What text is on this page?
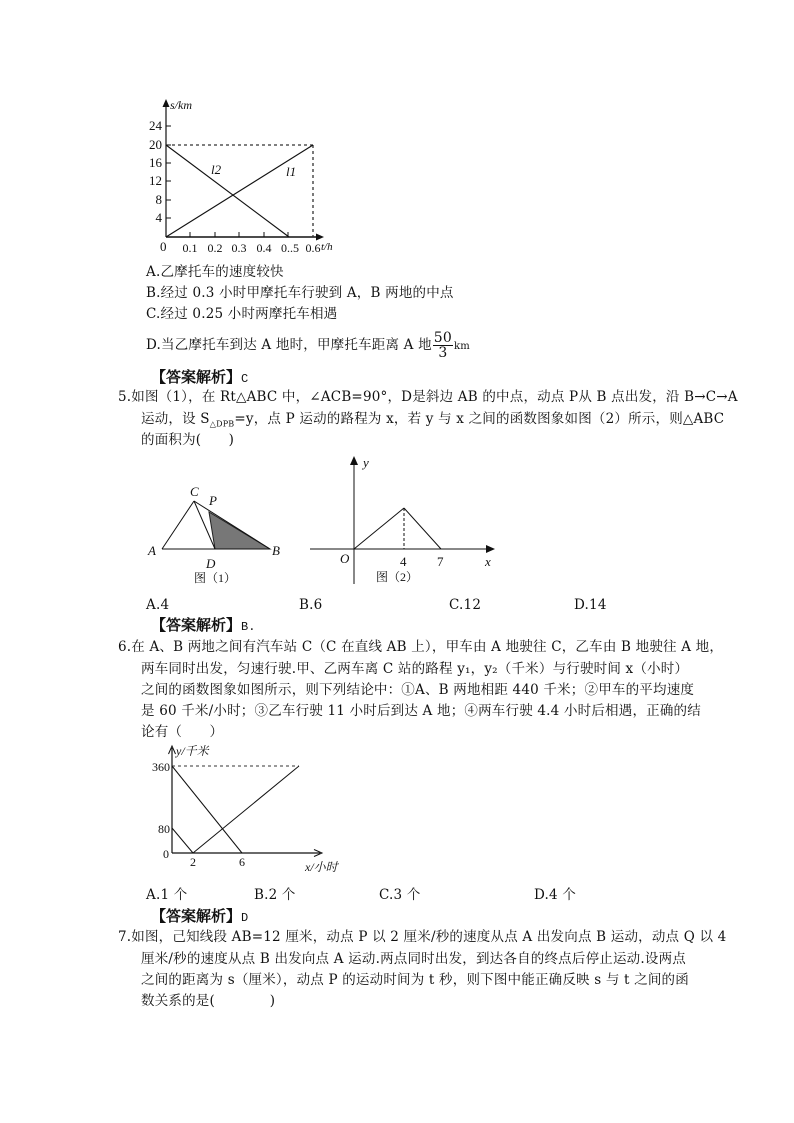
s/km
24
20
16
12
8
4
0 0.1 0.2 0.3 0.4 0..5 0.6 t/h
l2	l1
A.乙摩托车的速度较快
B.经过 0.3 小时甲摩托车行驶到 A，B 两地的中点
C.经过 0.25 小时两摩托车相遇
D.当乙摩托车到达 A 地时，甲摩托车距离 A 地 $\frac{50}{3}$ km
【答案解析】C
5.如图（1），在 Rt△ABC 中，∠ACB=90°，D是斜边 AB 的中点，动点 P从 B 点出发，沿 B→C→A
运动，设 $S_{\triangle DPB}=y$，点 P 运动的路程为 x，若 y 与 x 之间的函数图象如图（2）所示，则△ABC
的面积为(　　)
C
P
A
D
B
图（1）
y
O	4 7	x
图（2）
A.4	B.6	C.12	D.14
【答案解析】B.
6.在 A、B 两地之间有汽车站 C（C 在直线 AB 上），甲车由 A 地驶往 C，乙车由 B 地驶往 A 地，
两车同时出发，匀速行驶.甲、乙两车离 C 站的路程 y₁，y₂（千米）与行驶时间 x（小时）
之间的函数图象如图所示，则下列结论中：①A、B 两地相距 440 千米；②甲车的平均速度
是 60 千米/小时；③乙车行驶 11 小时后到达 A 地；④两车行驶 4.4 小时后相遇，正确的结
论有（　　）
y/千米
360
80
0
2	6	x/小时
A.1 个	B.2 个	C.3 个	D.4 个
【答案解析】D
7.如图，己知线段 AB=12 厘米，动点 P 以 2 厘米/秒的速度从点 A 出发向点 B 运动，动点 Q 以 4
厘米/秒的速度从点 B 出发向点 A 运动.两点同时出发，到达各自的终点后停止运动.设两点
之间的距离为 s（厘米），动点 P 的运动时间为 t 秒，则下图中能正确反映 s 与 t 之间的函
数关系的是(　　　　)
